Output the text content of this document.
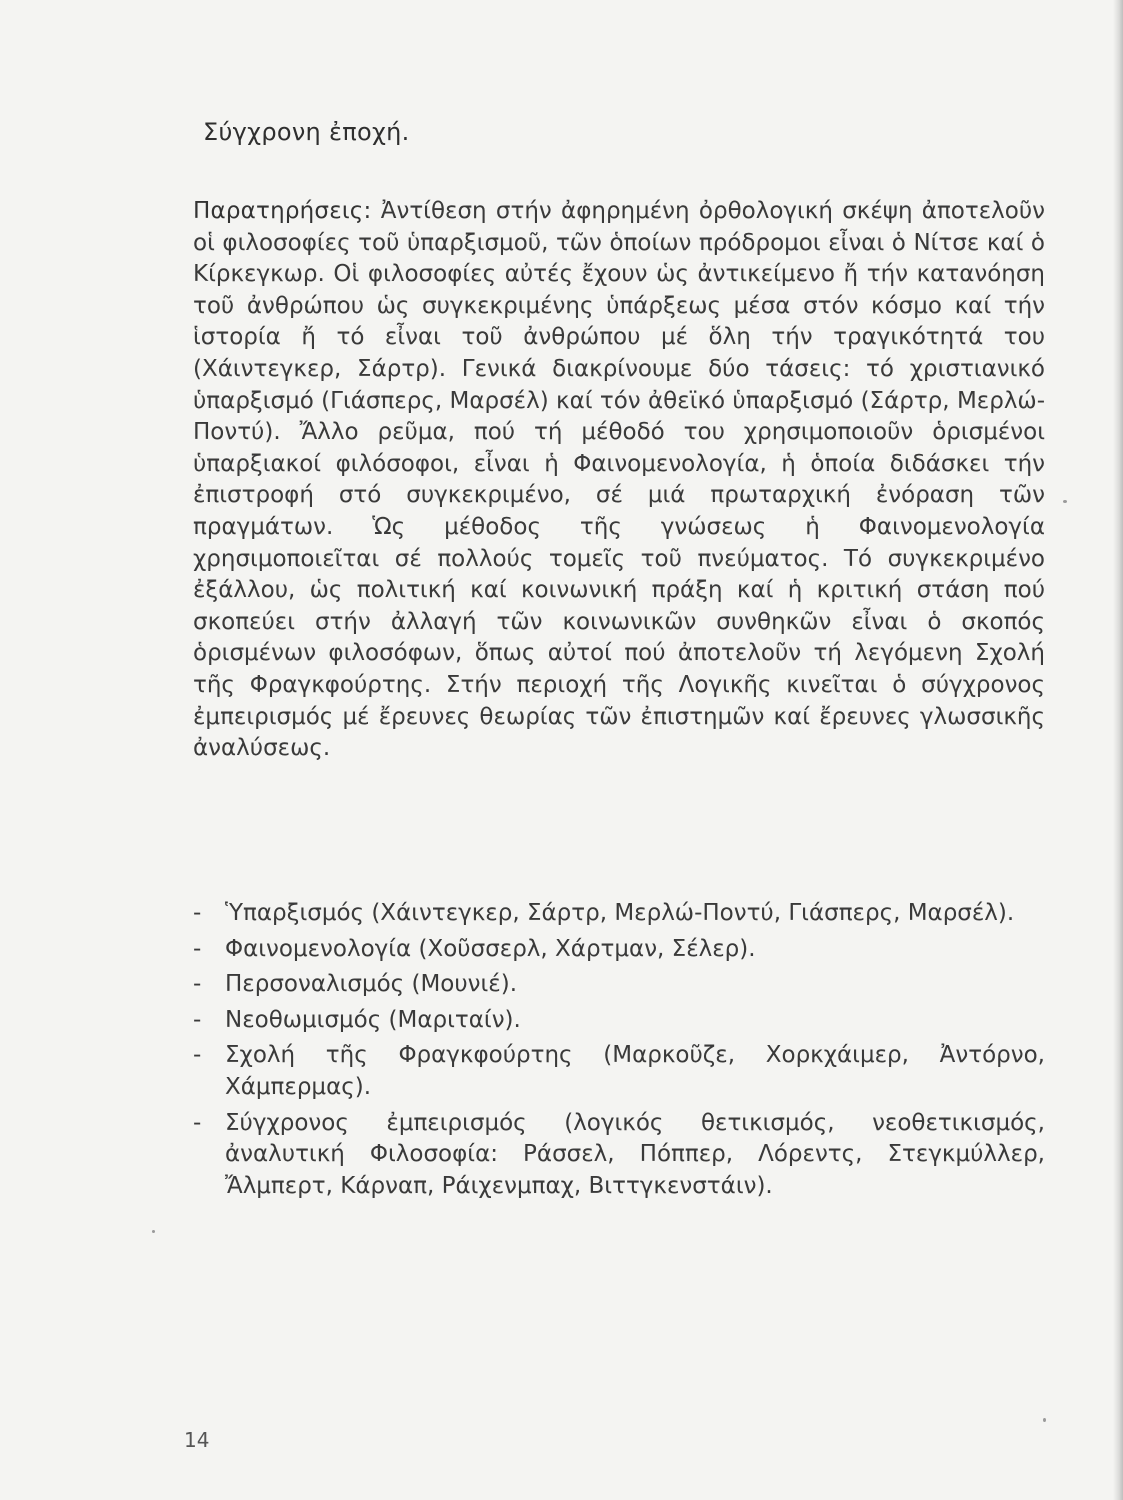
Σύγχρονη ἐποχή.

Παρατηρήσεις: Ἀντίθεση στήν ἀφηρημένη ὀρθολογική σκέψη ἀποτελοῦν οἱ φιλοσοφίες τοῦ ὑπαρξισμοῦ, τῶν ὁποίων πρόδρομοι εἶναι ὁ Νίτσε καί ὁ Κίρκεγκωρ. Οἱ φιλοσοφίες αὐτές ἔχουν ὡς ἀντικείμενο ἤ τήν κατανόηση τοῦ ἀνθρώπου ὡς συγκεκριμένης ὑπάρξεως μέσα στόν κόσμο καί τήν ἱστορία ἤ τό εἶναι τοῦ ἀνθρώπου μέ ὅλη τήν τραγικότητά του (Χάιντεγκερ, Σάρτρ). Γενικά διακρίνουμε δύο τάσεις: τό χριστιανικό ὑπαρξισμό (Γιάσπερς, Μαρσέλ) καί τόν ἀθεϊκό ὑπαρξισμό (Σάρτρ, Μερλώ-Ποντύ). Ἄλλο ρεῦμα, πού τή μέθοδό του χρησιμοποιοῦν ὁρισμένοι ὑπαρξιακοί φιλόσοφοι, εἶναι ἡ Φαινομενολογία, ἡ ὁποία διδάσκει τήν ἐπιστροφή στό συγκεκριμένο, σέ μιά πρωταρχική ἐνόραση τῶν πραγμάτων. Ὡς μέθοδος τῆς γνώσεως ἡ Φαινομενολογία χρησιμοποιεῖται σέ πολλούς τομεῖς τοῦ πνεύματος. Τό συγκεκριμένο ἐξάλλου, ὡς πολιτική καί κοινωνική πράξη καί ἡ κριτική στάση πού σκοπεύει στήν ἀλλαγή τῶν κοινωνικῶν συνθηκῶν εἶναι ὁ σκοπός ὁρισμένων φιλοσόφων, ὅπως αὐτοί πού ἀποτελοῦν τή λεγόμενη Σχολή τῆς Φραγκφούρτης. Στήν περιοχή τῆς Λογικῆς κινεῖται ὁ σύγχρονος ἐμπειρισμός μέ ἔρευνες θεωρίας τῶν ἐπιστημῶν καί ἔρευνες γλωσσικῆς ἀναλύσεως.

- Ὑπαρξισμός (Χάιντεγκερ, Σάρτρ, Μερλώ-Ποντύ, Γιάσπερς, Μαρσέλ).
- Φαινομενολογία (Χοῦσσερλ, Χάρτμαν, Σέλερ).
- Περσοναλισμός (Μουνιέ).
- Νεοθωμισμός (Μαριταίν).
- Σχολή τῆς Φραγκφούρτης (Μαρκοῦζε, Χορκχάιμερ, Ἀντόρνο, Χάμπερμας).
- Σύγχρονος ἐμπειρισμός (λογικός θετικισμός, νεοθετικισμός, ἀναλυτική Φιλοσοφία: Ράσσελ, Πόππερ, Λόρεντς, Στεγκμύλλερ, Ἄλμπερτ, Κάρναπ, Ράιχενμπαχ, Βιττγκενστάιν).
14
